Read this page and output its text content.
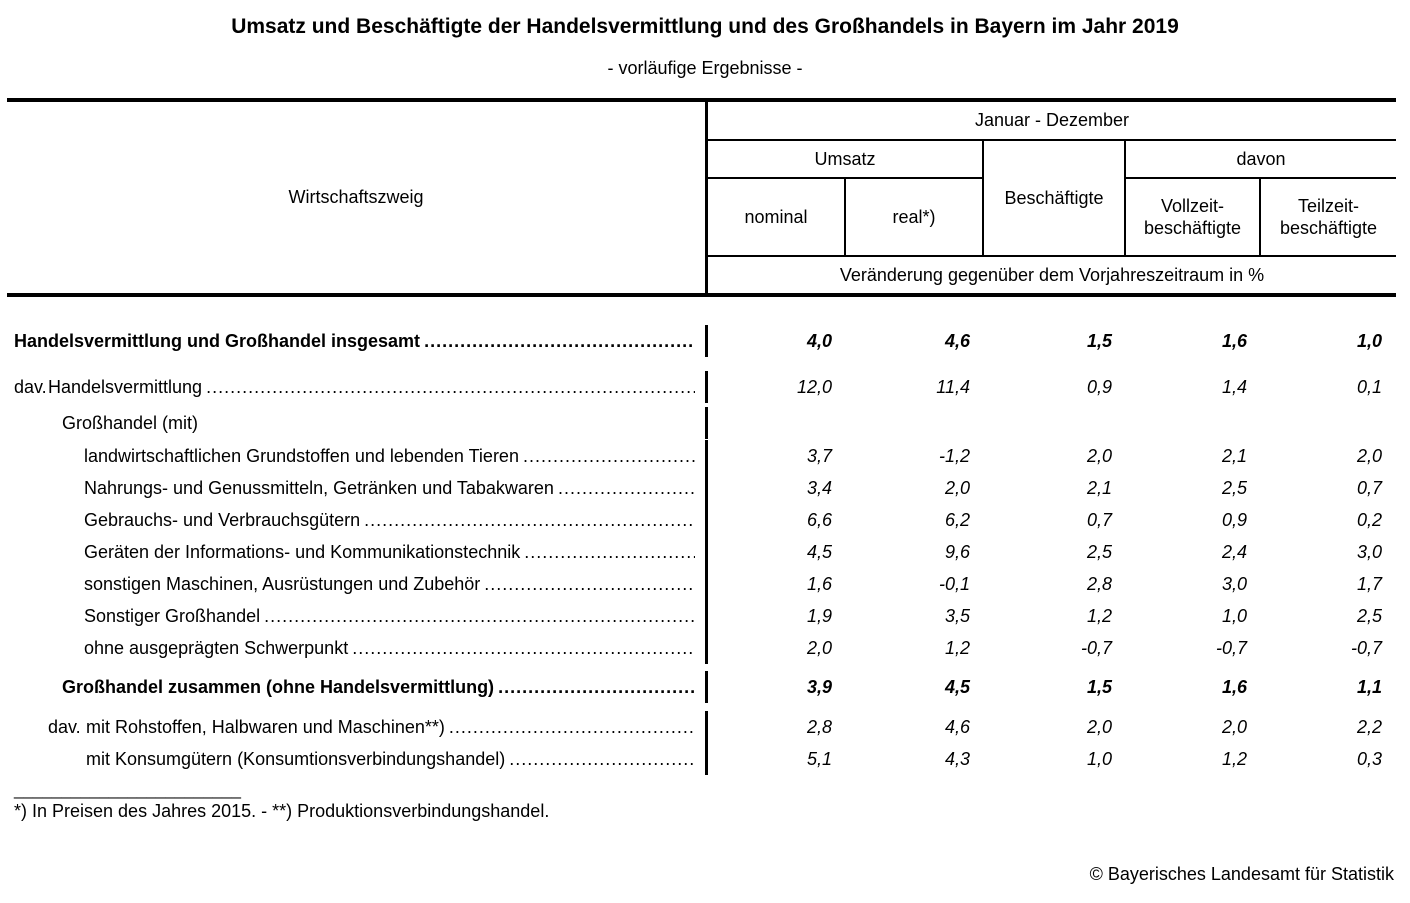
Umsatz und Beschäftigte der Handelsvermittlung und des Großhandels in Bayern im Jahr 2019
- vorläufige Ergebnisse -
Wirtschaftszweig
Januar - Dezember
Umsatz
nominal	real*)
Beschäftigte
davon
Vollzeit-
beschäftigte
Teilzeit-
beschäftigte
Veränderung gegenüber dem Vorjahreszeitraum in %
Handelsvermittlung und Großhandel insgesamt .....	4,0	4,6	1,5	1,6	1,0
dav. Handelsvermittlung .....	12,0	11,4	0,9	1,4	0,1
Großhandel (mit)
landwirtschaftlichen Grundstoffen und lebenden Tieren .....	3,7	-1,2	2,0	2,1	2,0
Nahrungs- und Genussmitteln, Getränken und Tabakwaren .....	3,4	2,0	2,1	2,5	0,7
Gebrauchs- und Verbrauchsgütern .....	6,6	6,2	0,7	0,9	0,2
Geräten der Informations- und Kommunikationstechnik .....	4,5	9,6	2,5	2,4	3,0
sonstigen Maschinen, Ausrüstungen und Zubehör .....	1,6	-0,1	2,8	3,0	1,7
Sonstiger Großhandel .....	1,9	3,5	1,2	1,0	2,5
ohne ausgeprägten Schwerpunkt .....	2,0	1,2	-0,7	-0,7	-0,7
Großhandel zusammen (ohne Handelsvermittlung) .....	3,9	4,5	1,5	1,6	1,1
dav. mit Rohstoffen, Halbwaren und Maschinen**) .....	2,8	4,6	2,0	2,0	2,2
mit Konsumgütern (Konsumtionsverbindungshandel) .....	5,1	4,3	1,0	1,2	0,3
________________________
*) In Preisen des Jahres 2015. - **) Produktionsverbindungshandel.
© Bayerisches Landesamt für Statistik
